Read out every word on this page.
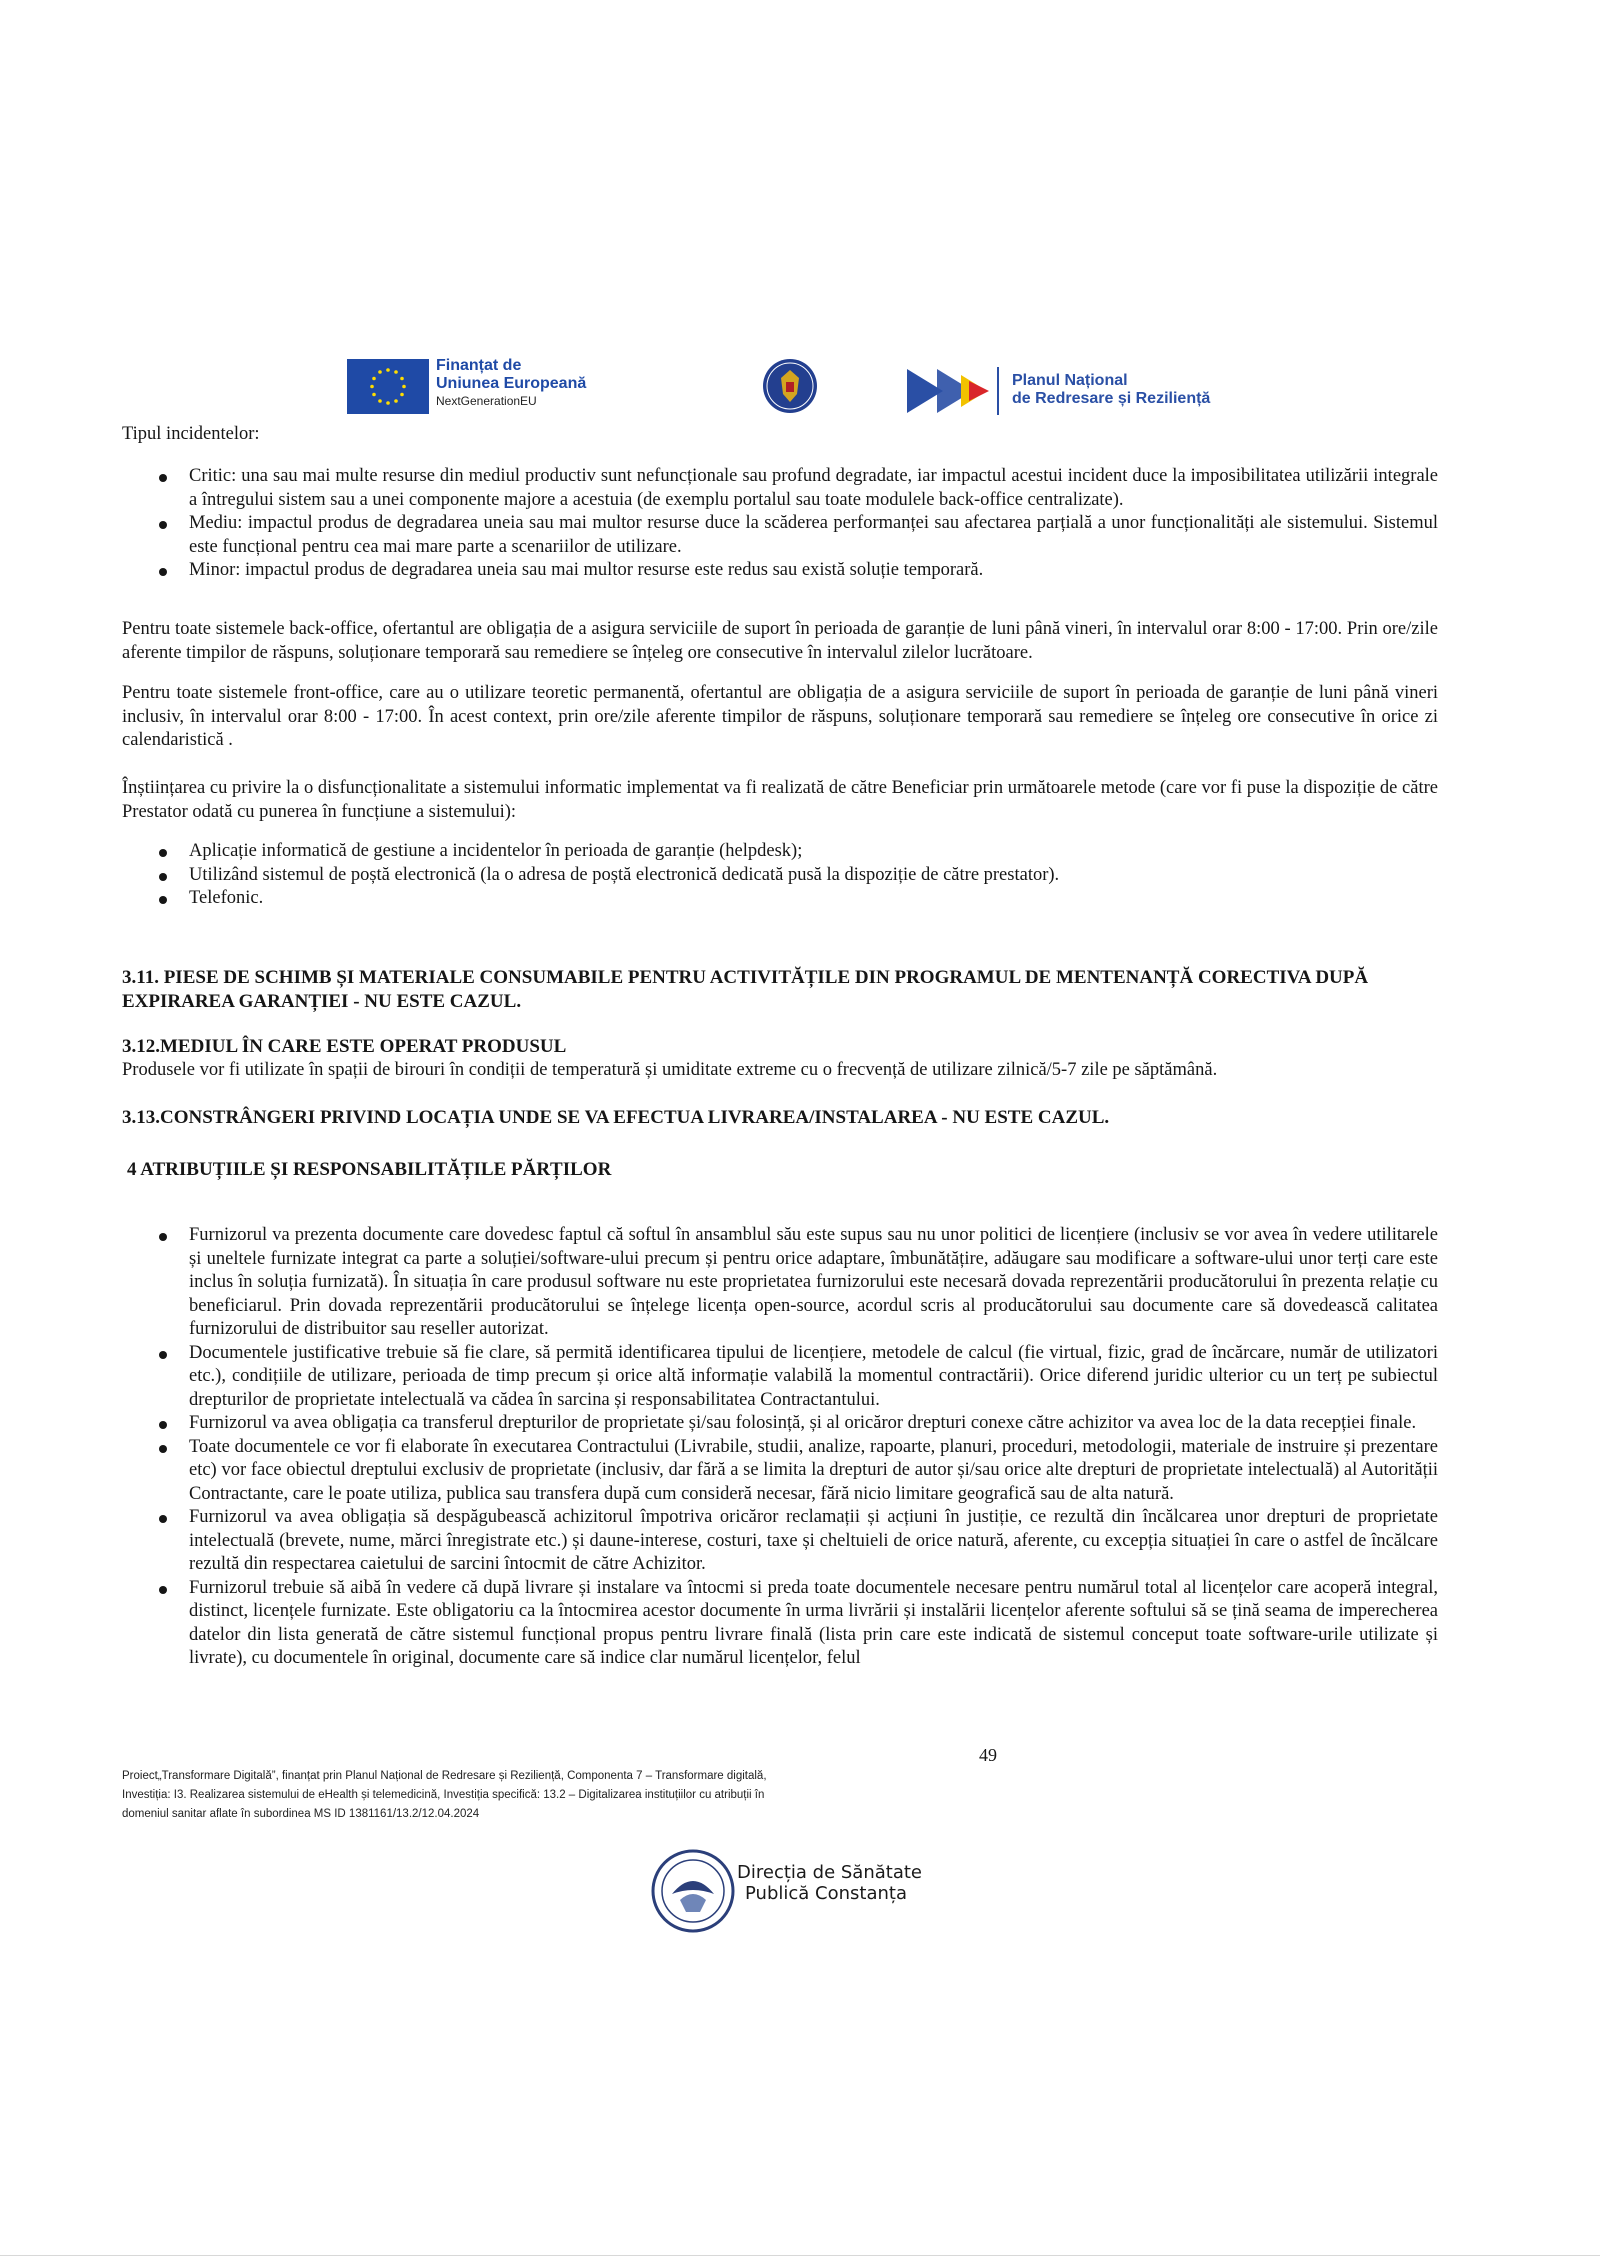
Finanțat de
Uniunea Europeană
NextGenerationEU
Planul Național
de Redresare și Reziliență
Tipul incidentelor:
Critic: una sau mai multe resurse din mediul productiv sunt nefuncționale sau profund degradate, iar impactul acestui incident duce la imposibilitatea utilizării integrale a întregului sistem sau a unei componente majore a acestuia (de exemplu portalul sau toate modulele back-office centralizate).
Mediu: impactul produs de degradarea uneia sau mai multor resurse duce la scăderea performanței sau afectarea parțială a unor funcționalități ale sistemului. Sistemul este funcțional pentru cea mai mare parte a scenariilor de utilizare.
Minor: impactul produs de degradarea uneia sau mai multor resurse este redus sau există soluție temporară.
Pentru toate sistemele back-office, ofertantul are obligația de a asigura serviciile de suport în perioada de garanție de luni până vineri, în intervalul orar 8:00 - 17:00. Prin ore/zile aferente timpilor de răspuns, soluționare temporară sau remediere se înțeleg ore consecutive în intervalul zilelor lucrătoare.
Pentru toate sistemele front-office, care au o utilizare teoretic permanentă, ofertantul are obligația de a asigura serviciile de suport în perioada de garanție de luni până vineri inclusiv, în intervalul orar 8:00 - 17:00. În acest context, prin ore/zile aferente timpilor de răspuns, soluționare temporară sau remediere se înțeleg ore consecutive în orice zi calendaristică .
Înștiințarea cu privire la o disfuncționalitate a sistemului informatic implementat va fi realizată de către Beneficiar prin următoarele metode (care vor fi puse la dispoziție de către Prestator odată cu punerea în funcțiune a sistemului):
Aplicație informatică de gestiune a incidentelor în perioada de garanție (helpdesk);
Utilizând sistemul de poștă electronică (la o adresa de poștă electronică dedicată pusă la dispoziție de către prestator).
Telefonic.
3.11. PIESE DE SCHIMB ȘI MATERIALE CONSUMABILE PENTRU ACTIVITĂȚILE DIN PROGRAMUL DE MENTENANȚĂ CORECTIVA DUPĂ EXPIRAREA GARANȚIEI - NU ESTE CAZUL.
3.12.MEDIUL ÎN CARE ESTE OPERAT PRODUSUL
Produsele vor fi utilizate în spații de birouri în condiții de temperatură și umiditate extreme cu o frecvență de utilizare zilnică/5-7 zile pe săptămână.
3.13.CONSTRÂNGERI PRIVIND LOCAȚIA UNDE SE VA EFECTUA LIVRAREA/INSTALAREA - NU ESTE CAZUL.
4 ATRIBUȚIILE ȘI RESPONSABILITĂȚILE PĂRȚILOR
Furnizorul va prezenta documente care dovedesc faptul că softul în ansamblul său este supus sau nu unor politici de licențiere (inclusiv se vor avea în vedere utilitarele și uneltele furnizate integrat ca parte a soluției/software-ului precum și pentru orice adaptare, îmbunătățire, adăugare sau modificare a software-ului unor terți care este inclus în soluția furnizată). În situația în care produsul software nu este proprietatea furnizorului este necesară dovada reprezentării producătorului în prezenta relație cu beneficiarul. Prin dovada reprezentării producătorului se înțelege licența open-source, acordul scris al producătorului sau documente care să dovedească calitatea furnizorului de distribuitor sau reseller autorizat.
Documentele justificative trebuie să fie clare, să permită identificarea tipului de licențiere, metodele de calcul (fie virtual, fizic, grad de încărcare, număr de utilizatori etc.), condițiile de utilizare, perioada de timp precum și orice altă informație valabilă la momentul contractării). Orice diferend juridic ulterior cu un terț pe subiectul drepturilor de proprietate intelectuală va cădea în sarcina și responsabilitatea Contractantului.
Furnizorul va avea obligația ca transferul drepturilor de proprietate și/sau folosință, și al oricăror drepturi conexe către achizitor va avea loc de la data recepției finale.
Toate documentele ce vor fi elaborate în executarea Contractului (Livrabile, studii, analize, rapoarte, planuri, proceduri, metodologii, materiale de instruire și prezentare etc) vor face obiectul dreptului exclusiv de proprietate (inclusiv, dar fără a se limita la drepturi de autor și/sau orice alte drepturi de proprietate intelectuală) al Autorității Contractante, care le poate utiliza, publica sau transfera după cum consideră necesar, fără nicio limitare geografică sau de alta natură.
Furnizorul va avea obligația să despăgubească achizitorul împotriva oricăror reclamații și acțiuni în justiție, ce rezultă din încălcarea unor drepturi de proprietate intelectuală (brevete, nume, mărci înregistrate etc.) și daune-interese, costuri, taxe și cheltuieli de orice natură, aferente, cu excepția situației în care o astfel de încălcare rezultă din respectarea caietului de sarcini întocmit de către Achizitor.
Furnizorul trebuie să aibă în vedere că după livrare și instalare va întocmi si preda toate documentele necesare pentru numărul total al licențelor care acoperă integral, distinct, licențele furnizate. Este obligatoriu ca la întocmirea acestor documente în urma livrării și instalării licențelor aferente softului să se țină seama de imperecherea datelor din lista generată de către sistemul funcțional propus pentru livrare finală (lista prin care este indicată de sistemul conceput toate software-urile utilizate și livrate), cu documentele în original, documente care să indice clar numărul licențelor, felul
49
Proiect„Transformare Digitală”, finanțat prin Planul Național de Redresare și Reziliență, Componenta 7 – Transformare digitală,
Investiția: I3. Realizarea sistemului de eHealth și telemedicină, Investiția specifică: 13.2 – Digitalizarea instituțiilor cu atribuții în
domeniul sanitar aflate în subordinea MS ID 1381161/13.2/12.04.2024
Direcția de Sănătate
Publică Constanța
